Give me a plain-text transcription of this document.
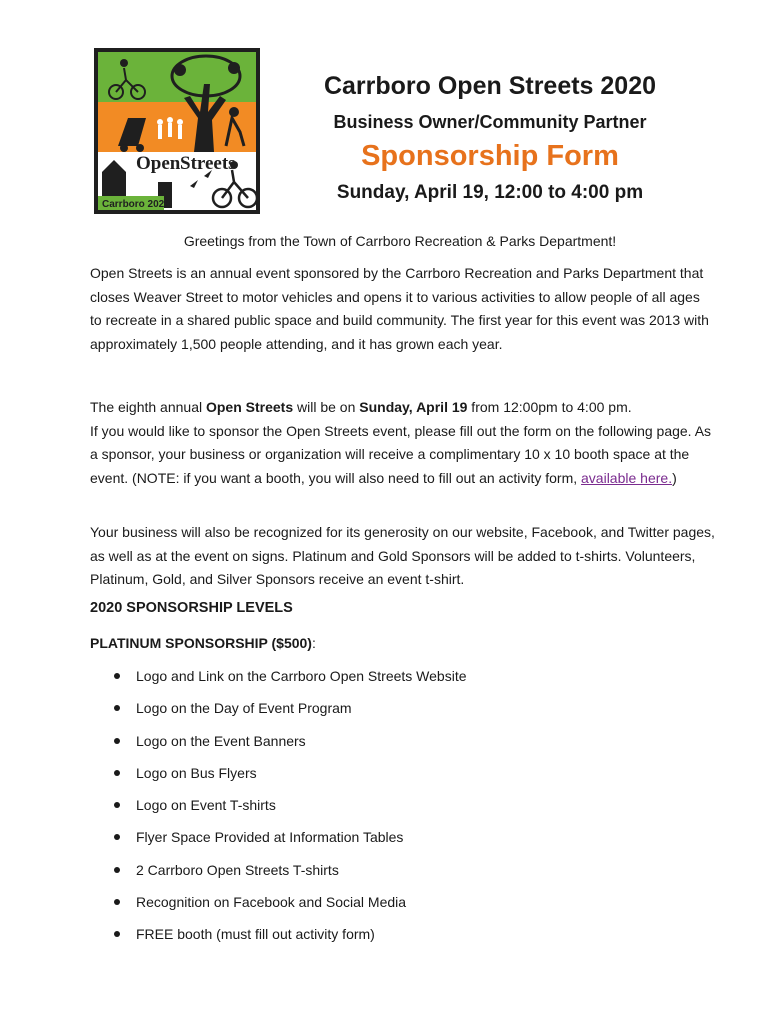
Open Streets
Carrboro 2020
Carrboro Open Streets 2020
Business Owner/Community Partner
Sponsorship Form
Sunday, April 19, 12:00 to 4:00 pm
Greetings from the Town of Carrboro Recreation & Parks Department!
Open Streets is an annual event sponsored by the Carrboro Recreation and Parks Department that closes Weaver Street to motor vehicles and opens it to various activities to allow people of all ages to recreate in a shared public space and build community. The first year for this event was 2013 with approximately 1,500 people attending, and it has grown each year.
The eighth annual Open Streets will be on Sunday, April 19 from 12:00pm to 4:00 pm.
If you would like to sponsor the Open Streets event, please fill out the form on the following page. As a sponsor, your business or organization will receive a complimentary 10 x 10 booth space at the event. (NOTE: if you want a booth, you will also need to fill out an activity form, available here.)
Your business will also be recognized for its generosity on our website, Facebook, and Twitter pages, as well as at the event on signs. Platinum and Gold Sponsors will be added to t-shirts. Volunteers, Platinum, Gold, and Silver Sponsors receive an event t-shirt.
2020 SPONSORSHIP LEVELS
PLATINUM SPONSORSHIP ($500):
Logo and Link on the Carrboro Open Streets Website
Logo on the Day of Event Program
Logo on the Event Banners
Logo on Bus Flyers
Logo on Event T-shirts
Flyer Space Provided at Information Tables
2 Carrboro Open Streets T-shirts
Recognition on Facebook and Social Media
FREE booth (must fill out activity form)
